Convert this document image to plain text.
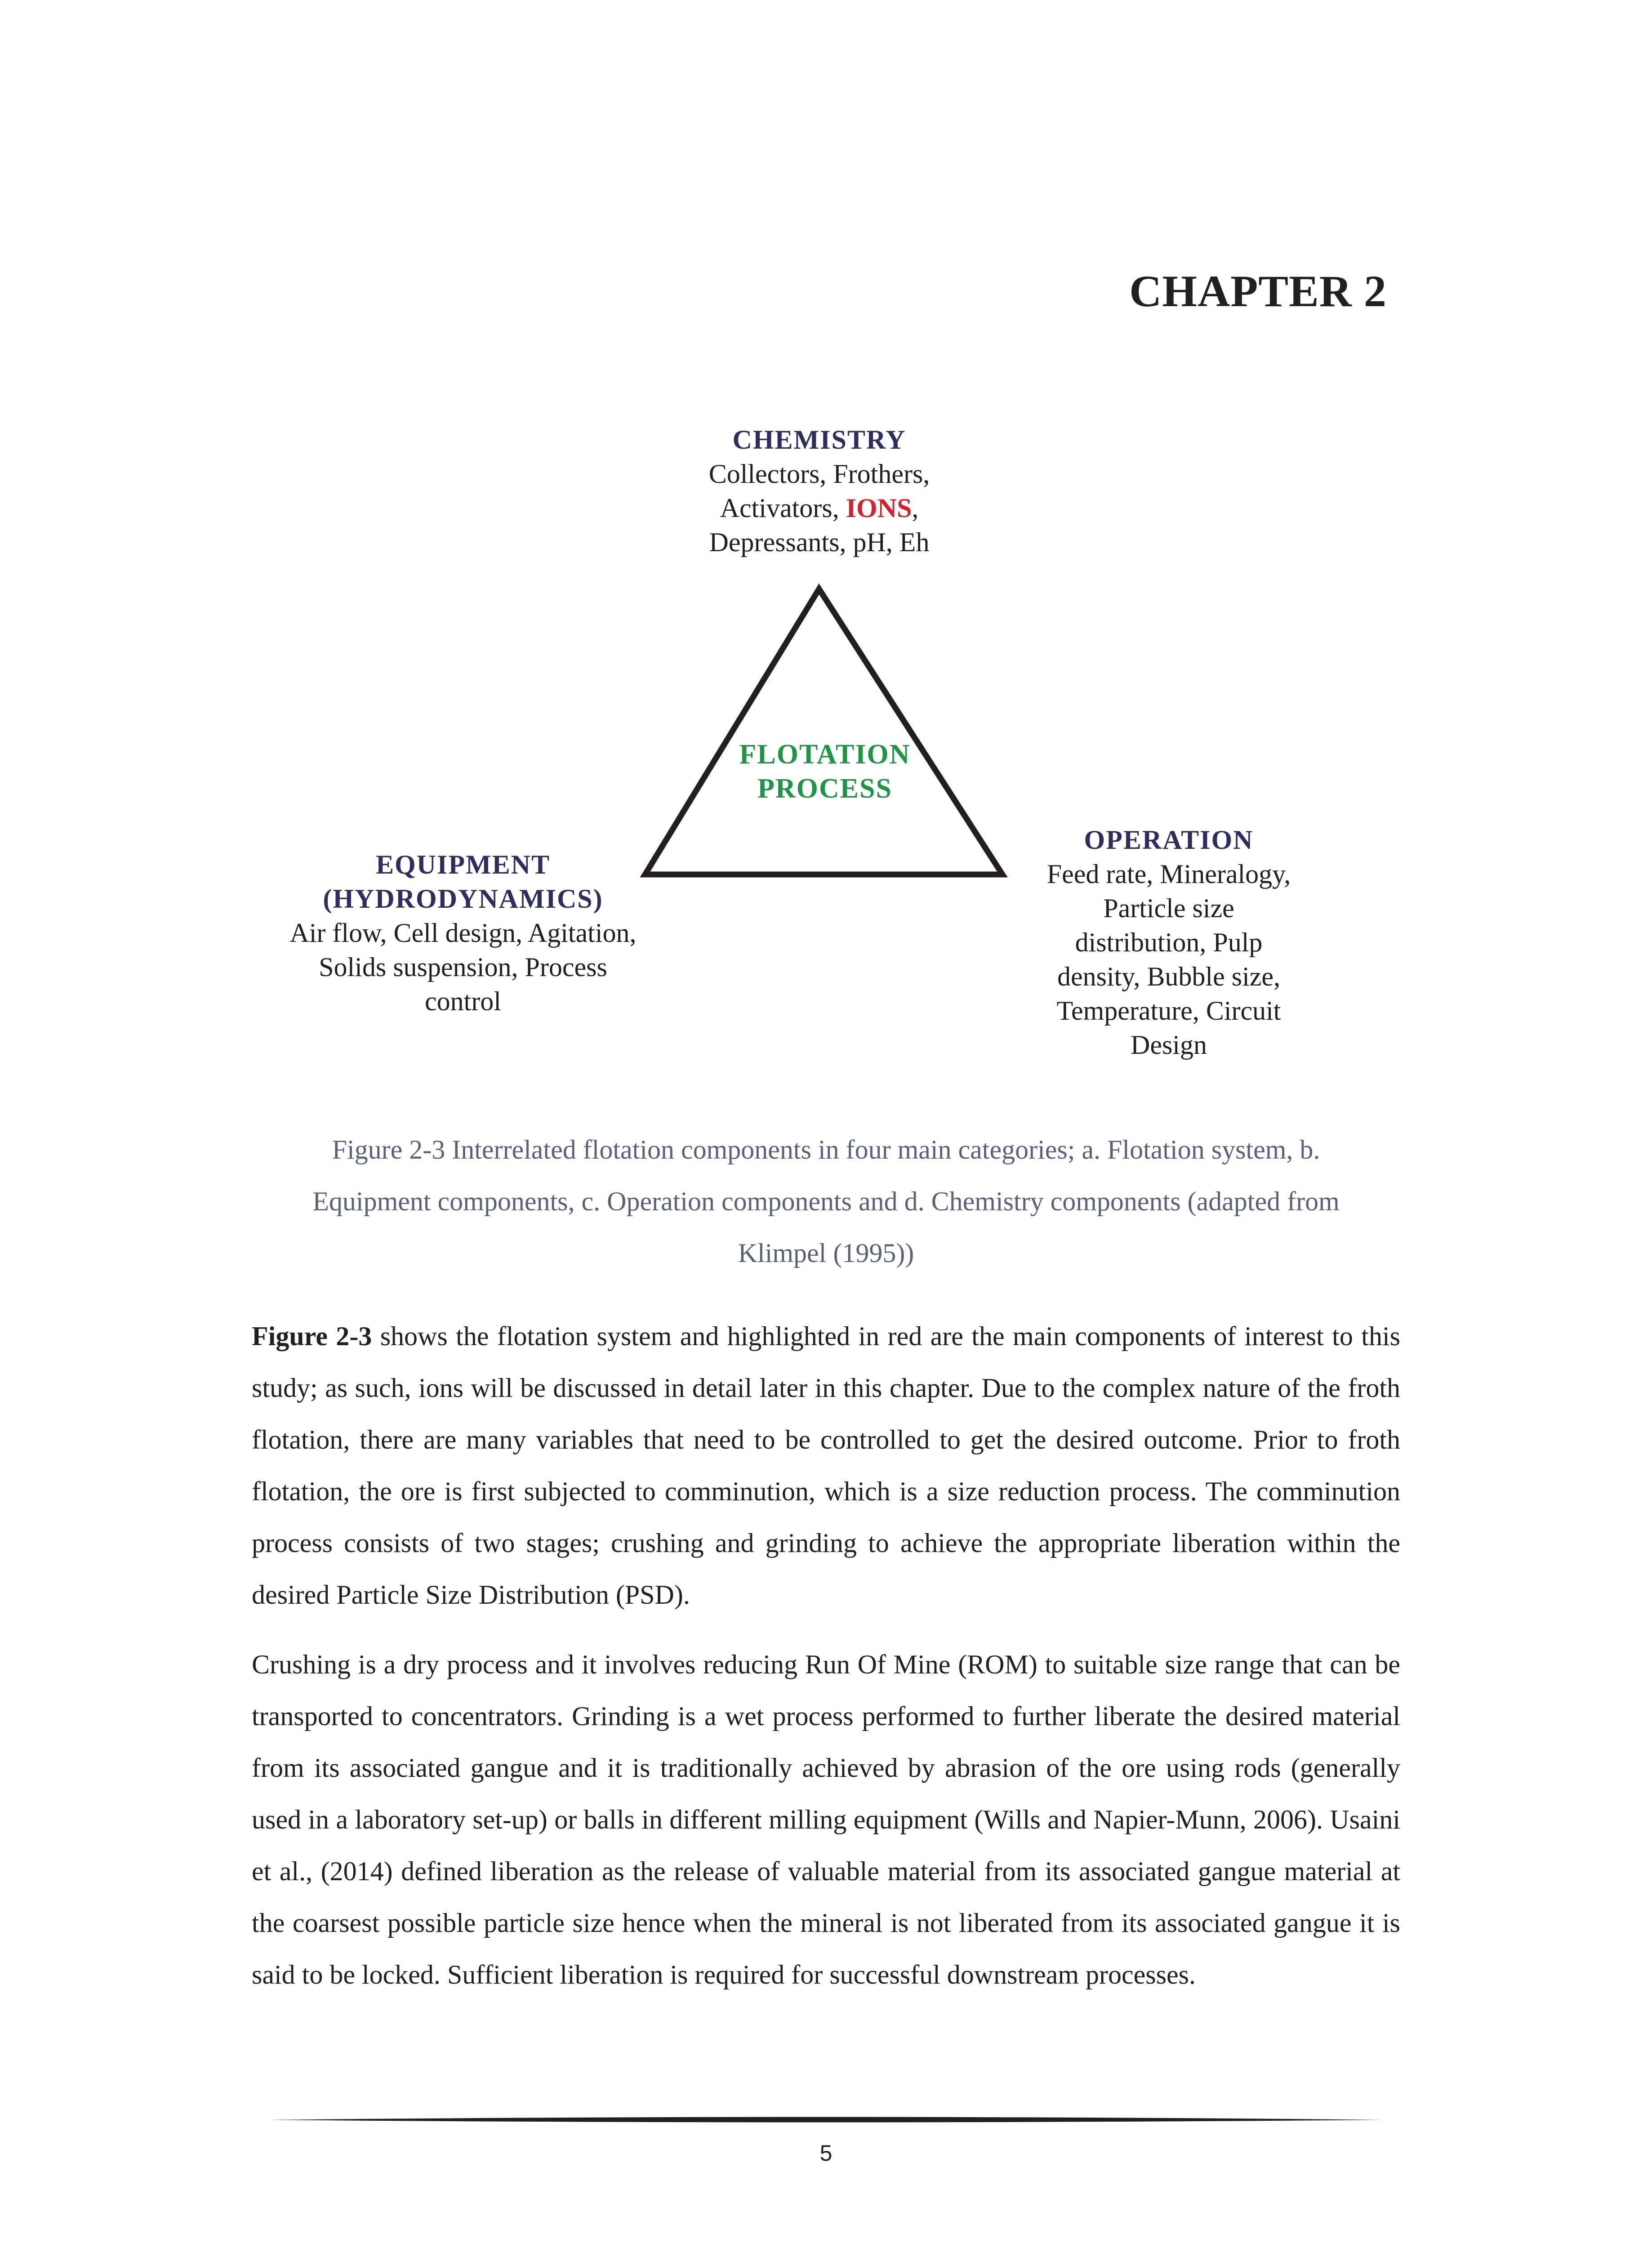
CHAPTER 2
CHEMISTRY
Collectors, Frothers,
Activators, IONS,
Depressants, pH, Eh
FLOTATION
PROCESS
EQUIPMENT
(HYDRODYNAMICS)
Air flow, Cell design, Agitation,
Solids suspension, Process
control
OPERATION
Feed rate, Mineralogy,
Particle size
distribution, Pulp
density, Bubble size,
Temperature, Circuit
Design
Figure 2-3 Interrelated flotation components in four main categories; a. Flotation system, b.
Equipment components, c. Operation components and d. Chemistry components (adapted from
Klimpel (1995))

Figure 2-3 shows the flotation system and highlighted in red are the main components of interest to this study; as such, ions will be discussed in detail later in this chapter. Due to the complex nature of the froth flotation, there are many variables that need to be controlled to get the desired outcome. Prior to froth flotation, the ore is first subjected to comminution, which is a size reduction process. The comminution process consists of two stages; crushing and grinding to achieve the appropriate liberation within the desired Particle Size Distribution (PSD).

Crushing is a dry process and it involves reducing Run Of Mine (ROM) to suitable size range that can be transported to concentrators. Grinding is a wet process performed to further liberate the desired material from its associated gangue and it is traditionally achieved by abrasion of the ore using rods (generally used in a laboratory set-up) or balls in different milling equipment (Wills and Napier-Munn, 2006). Usaini et al., (2014) defined liberation as the release of valuable material from its associated gangue material at the coarsest possible particle size hence when the mineral is not liberated from its associated gangue it is said to be locked. Sufficient liberation is required for successful downstream processes.

5
